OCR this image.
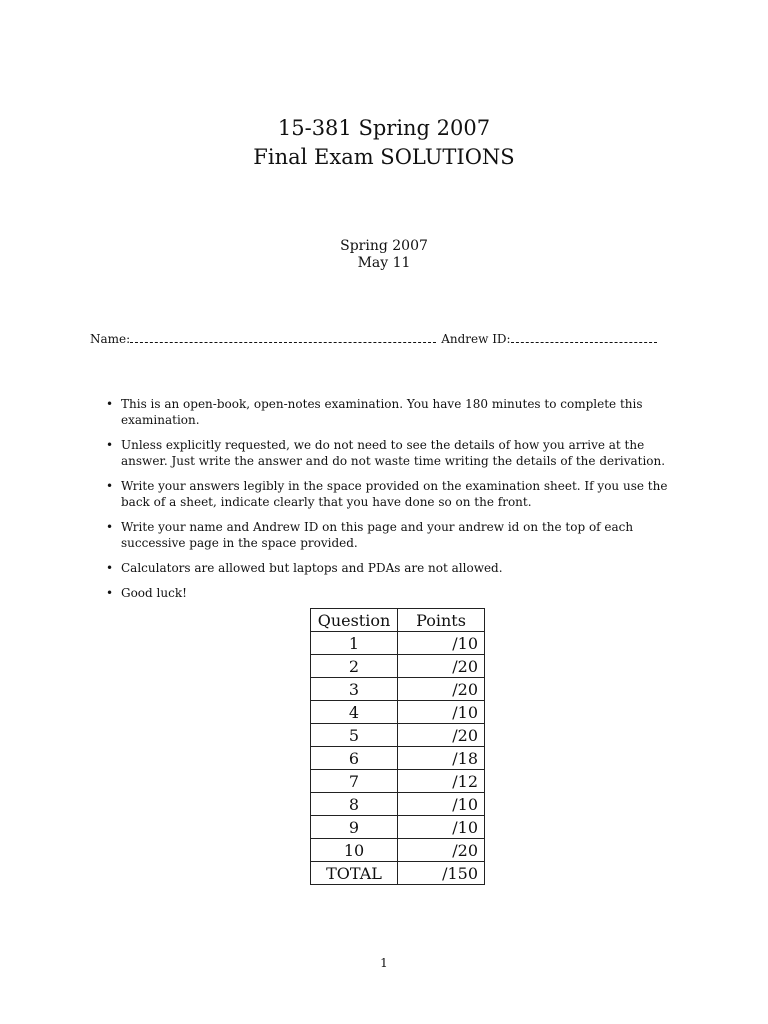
15-381 Spring 2007
Final Exam SOLUTIONS
Spring 2007
May 11
Name:	Andrew ID:
• This is an open-book, open-notes examination. You have 180 minutes to complete this examination.
• Unless explicitly requested, we do not need to see the details of how you arrive at the answer. Just write the answer and do not waste time writing the details of the derivation.
• Write your answers legibly in the space provided on the examination sheet. If you use the back of a sheet, indicate clearly that you have done so on the front.
• Write your name and Andrew ID on this page and your andrew id on the top of each successive page in the space provided.
• Calculators are allowed but laptops and PDAs are not allowed.
• Good luck!
Question	Points
1	/10
2	/20
3	/20
4	/10
5	/20
6	/18
7	/12
8	/10
9	/10
10	/20
TOTAL	/150
1
